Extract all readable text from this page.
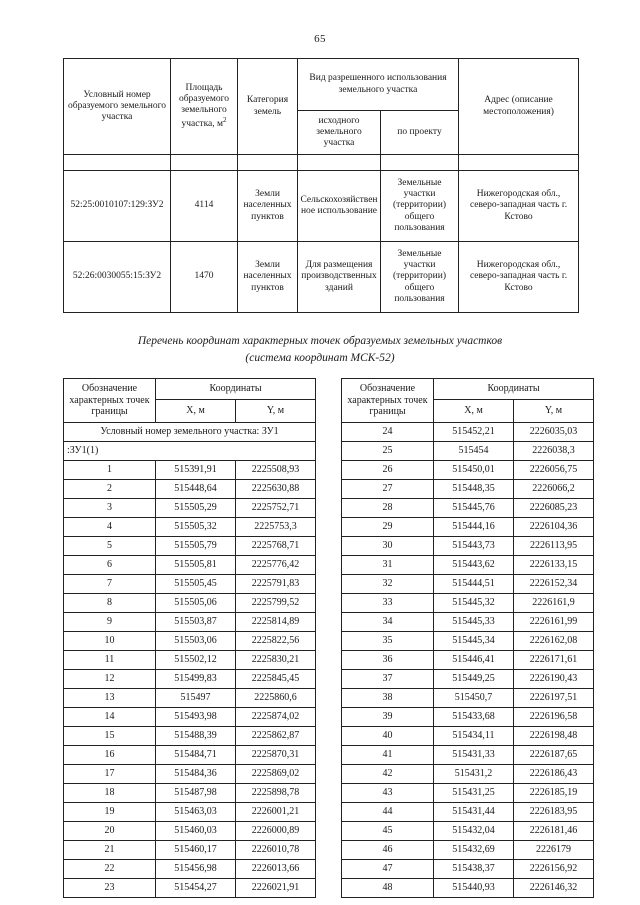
65
Условный номер образуемого земельного участка	Площадь образуемого земельного участка, $м^2$	Категория земель	Вид разрешенного использования земельного участка		Адрес (описание местоположения)
			исходного земельного участка	по проекту	

52:25:0010107:129:ЗУ2	4114	Земли населенных пунктов	Сельскохозяйственное использование	Земельные участки (территории) общего пользования	Нижегородская обл., северо-западная часть г. Кстово
52:26:0030055:15:ЗУ2	1470	Земли населенных пунктов	Для размещения производственных зданий	Земельные участки (территории) общего пользования	Нижегородская обл., северо-западная часть г. Кстово
Перечень координат характерных точек образуемых земельных участков
(система координат МСК-52)
Обозначение характерных точек границы	Координаты	
	X, м	Y, м
Условный номер земельного участка: ЗУ1		
:ЗУ1(1)		
1	515391,91	2225508,93
2	515448,64	2225630,88
3	515505,29	2225752,71
4	515505,32	2225753,3
5	515505,79	2225768,71
6	515505,81	2225776,42
7	515505,45	2225791,83
8	515505,06	2225799,52
9	515503,87	2225814,89
10	515503,06	2225822,56
11	515502,12	2225830,21
12	515499,83	2225845,45
13	515497	2225860,6
14	515493,98	2225874,02
15	515488,39	2225862,87
16	515484,71	2225870,31
17	515484,36	2225869,02
18	515487,98	2225898,78
19	515463,03	2226001,21
20	515460,03	2226000,89
21	515460,17	2226010,78
22	515456,98	2226013,66
23	515454,27	2226021,91
Обозначение характерных точек границы	Координаты	
	X, м	Y, м
24	515452,21	2226035,03
25	515454	2226038,3
26	515450,01	2226056,75
27	515448,35	2226066,2
28	515445,76	2226085,23
29	515444,16	2226104,36
30	515443,73	2226113,95
31	515443,62	2226133,15
32	515444,51	2226152,34
33	515445,32	2226161,9
34	515445,33	2226161,99
35	515445,34	2226162,08
36	515446,41	2226171,61
37	515449,25	2226190,43
38	515450,7	2226197,51
39	515433,68	2226196,58
40	515434,11	2226198,48
41	515431,33	2226187,65
42	515431,2	2226186,43
43	515431,25	2226185,19
44	515431,44	2226183,95
45	515432,04	2226181,46
46	515432,69	2226179
47	515438,37	2226156,92
48	515440,93	2226146,32
